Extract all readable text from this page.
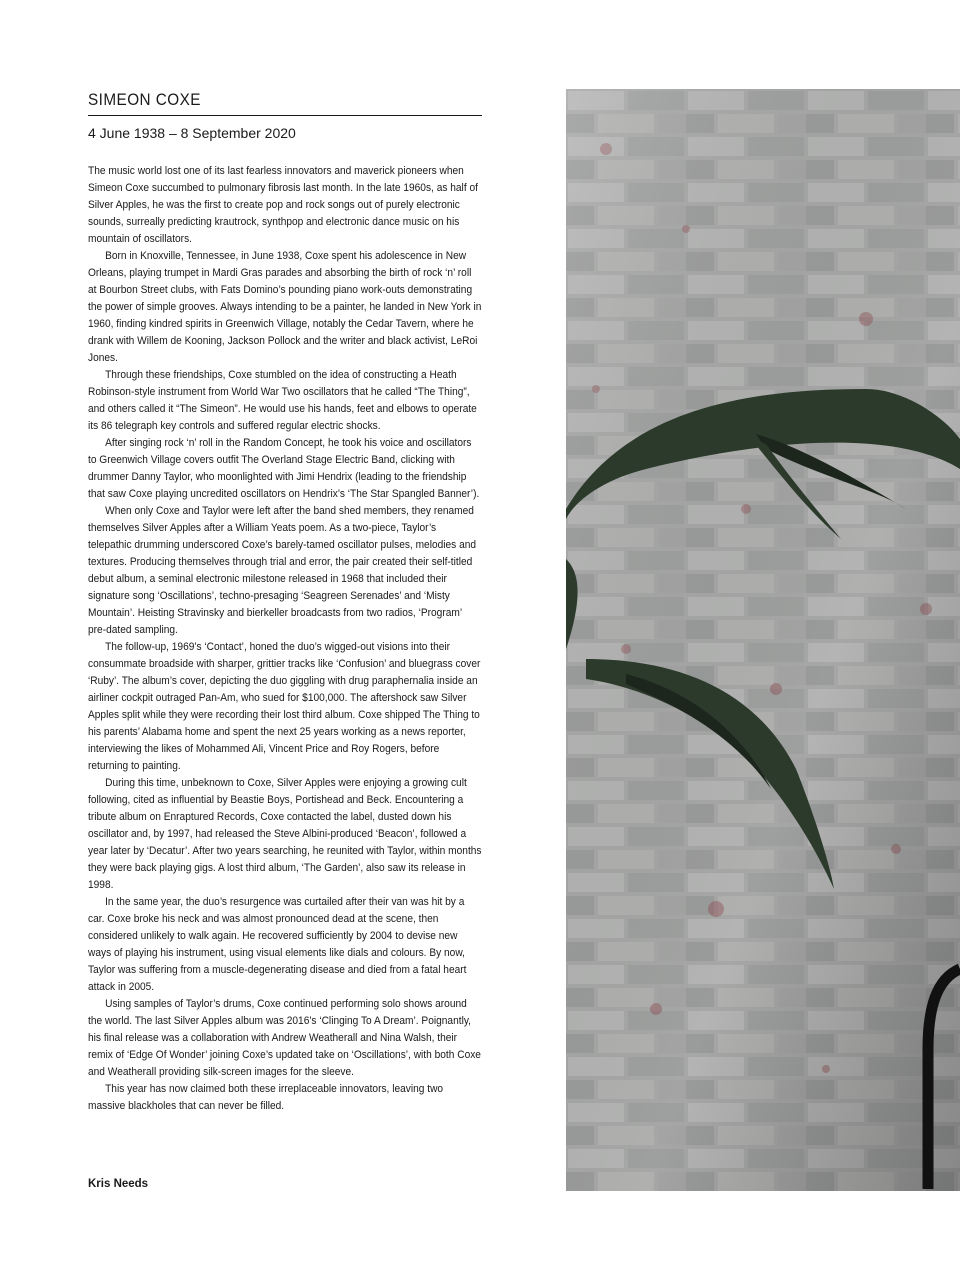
SIMEON COXE
4 June 1938 – 8 September 2020

The music world lost one of its last fearless innovators and maverick pioneers when Simeon Coxe succumbed to pulmonary fibrosis last month. In the late 1960s, as half of Silver Apples, he was the first to create pop and rock songs out of purely electronic sounds, surreally predicting krautrock, synthpop and electronic dance music on his mountain of oscillators.

Born in Knoxville, Tennessee, in June 1938, Coxe spent his adolescence in New Orleans, playing trumpet in Mardi Gras parades and absorbing the birth of rock ‘n’ roll at Bourbon Street clubs, with Fats Domino’s pounding piano work-outs demonstrating the power of simple grooves. Always intending to be a painter, he landed in New York in 1960, finding kindred spirits in Greenwich Village, notably the Cedar Tavern, where he drank with Willem de Kooning, Jackson Pollock and the writer and black activist, LeRoi Jones.

Through these friendships, Coxe stumbled on the idea of constructing a Heath Robinson-style instrument from World War Two oscillators that he called “The Thing”, and others called it “The Simeon”. He would use his hands, feet and elbows to operate its 86 telegraph key controls and suffered regular electric shocks.

After singing rock ‘n’ roll in the Random Concept, he took his voice and oscillators to Greenwich Village covers outfit The Overland Stage Electric Band, clicking with drummer Danny Taylor, who moonlighted with Jimi Hendrix (leading to the friendship that saw Coxe playing uncredited oscillators on Hendrix’s ‘The Star Spangled Banner’).

When only Coxe and Taylor were left after the band shed members, they renamed themselves Silver Apples after a William Yeats poem. As a two-piece, Taylor’s telepathic drumming underscored Coxe’s barely-tamed oscillator pulses, melodies and textures. Producing themselves through trial and error, the pair created their self-titled debut album, a seminal electronic milestone released in 1968 that included their signature song ‘Oscillations’, techno-presaging ‘Seagreen Serenades’ and ‘Misty Mountain’. Heisting Stravinsky and bierkeller broadcasts from two radios, ‘Program’ pre-dated sampling.

The follow-up, 1969’s ‘Contact’, honed the duo’s wigged-out visions into their consummate broadside with sharper, grittier tracks like ‘Confusion’ and bluegrass cover ‘Ruby’. The album’s cover, depicting the duo giggling with drug paraphernalia inside an airliner cockpit outraged Pan-Am, who sued for $100,000. The aftershock saw Silver Apples split while they were recording their lost third album. Coxe shipped The Thing to his parents’ Alabama home and spent the next 25 years working as a news reporter, interviewing the likes of Mohammed Ali, Vincent Price and Roy Rogers, before returning to painting.

During this time, unbeknown to Coxe, Silver Apples were enjoying a growing cult following, cited as influential by Beastie Boys, Portishead and Beck. Encountering a tribute album on Enraptured Records, Coxe contacted the label, dusted down his oscillator and, by 1997, had released the Steve Albini-produced ‘Beacon’, followed a year later by ‘Decatur’. After two years searching, he reunited with Taylor, within months they were back playing gigs. A lost third album, ‘The Garden’, also saw its release in 1998.

In the same year, the duo’s resurgence was curtailed after their van was hit by a car. Coxe broke his neck and was almost pronounced dead at the scene, then considered unlikely to walk again. He recovered sufficiently by 2004 to devise new ways of playing his instrument, using visual elements like dials and colours. By now, Taylor was suffering from a muscle-degenerating disease and died from a fatal heart attack in 2005.

Using samples of Taylor’s drums, Coxe continued performing solo shows around the world. The last Silver Apples album was 2016’s ‘Clinging To A Dream’. Poignantly, his final release was a collaboration with Andrew Weatherall and Nina Walsh, their remix of ‘Edge Of Wonder’ joining Coxe’s updated take on ‘Oscillations’, with both Coxe and Weatherall providing silk-screen images for the sleeve.

This year has now claimed both these irreplaceable innovators, leaving two massive blackholes that can never be filled.

Kris Needs
